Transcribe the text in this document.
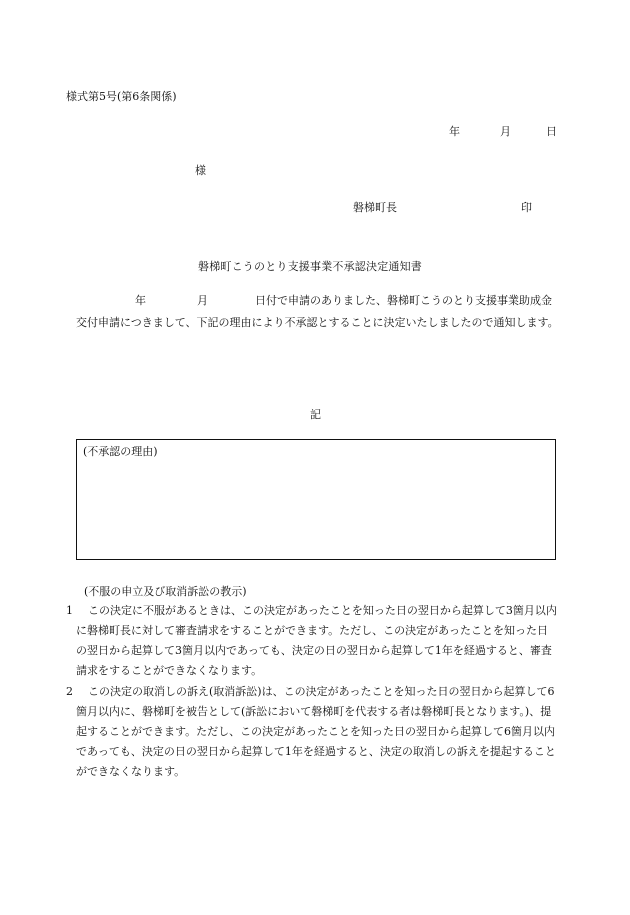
様式第5号(第6条関係)
年	月	日
様
磐梯町長	印
磐梯町こうのとり支援事業不承認決定通知書
年	月	日付で申請のありました、磐梯町こうのとり支援事業助成金交付申請につきまして、下記の理由により不承認とすることに決定いたしましたので通知します。
記
(不承認の理由)
(不服の申立及び取消訴訟の教示)
1	この決定に不服があるときは、この決定があったことを知った日の翌日から起算して3箇月以内に磐梯町長に対して審査請求をすることができます。ただし、この決定があったことを知った日の翌日から起算して3箇月以内であっても、決定の日の翌日から起算して1年を経過すると、審査請求をすることができなくなります。
2	この決定の取消しの訴え(取消訴訟)は、この決定があったことを知った日の翌日から起算して6箇月以内に、磐梯町を被告として(訴訟において磐梯町を代表する者は磐梯町長となります。)、提起することができます。ただし、この決定があったことを知った日の翌日から起算して6箇月以内であっても、決定の日の翌日から起算して1年を経過すると、決定の取消しの訴えを提起することができなくなります。
